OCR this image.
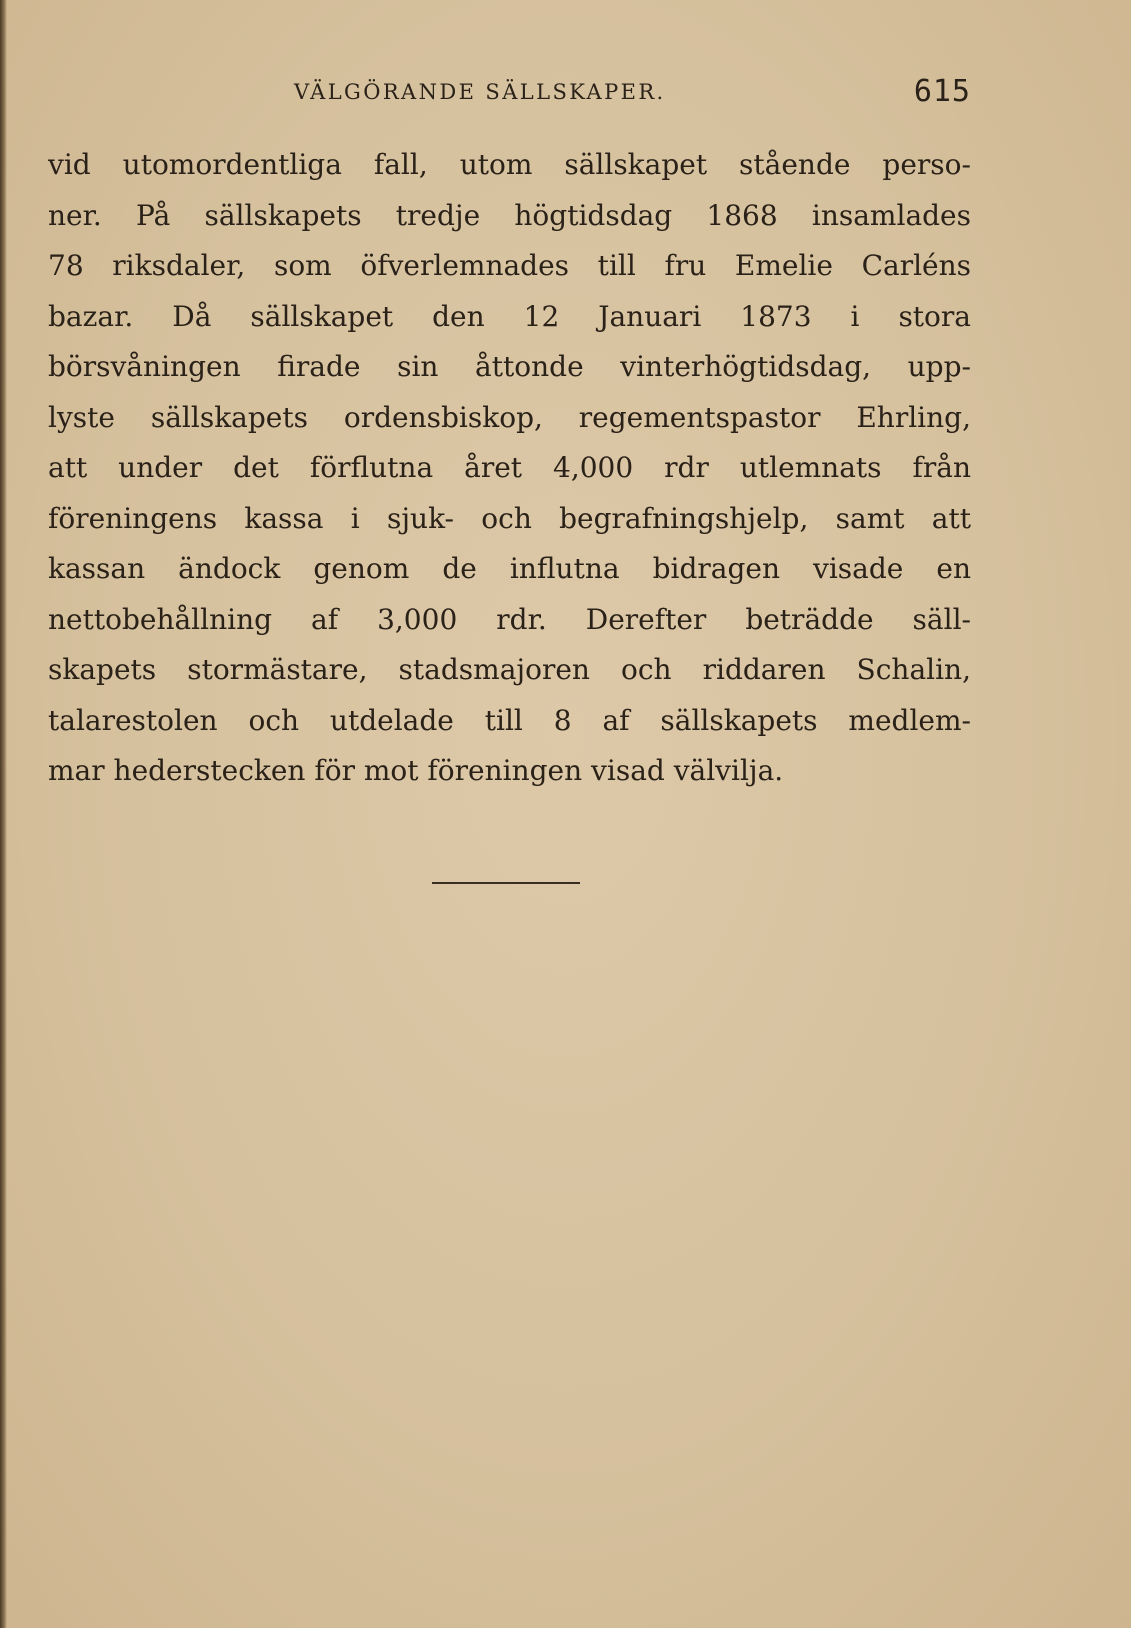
VÄLGÖRANDE SÄLLSKAPER.	615
vid utomordentliga fall, utom sällskapet stående perso-
ner. På sällskapets tredje högtidsdag 1868 insamlades
78 riksdaler, som öfverlemnades till fru Emelie Carléns
bazar. Då sällskapet den 12 Januari 1873 i stora
börsvåningen firade sin åttonde vinterhögtidsdag, upp-
lyste sällskapets ordensbiskop, regementspastor Ehrling,
att under det förflutna året 4,000 rdr utlemnats från
föreningens kassa i sjuk- och begrafningshjelp, samt att
kassan ändock genom de influtna bidragen visade en
nettobehållning af 3,000 rdr. Derefter beträdde säll-
skapets stormästare, stadsmajoren och riddaren Schalin,
talarestolen och utdelade till 8 af sällskapets medlem-
mar hederstecken för mot föreningen visad välvilja.
